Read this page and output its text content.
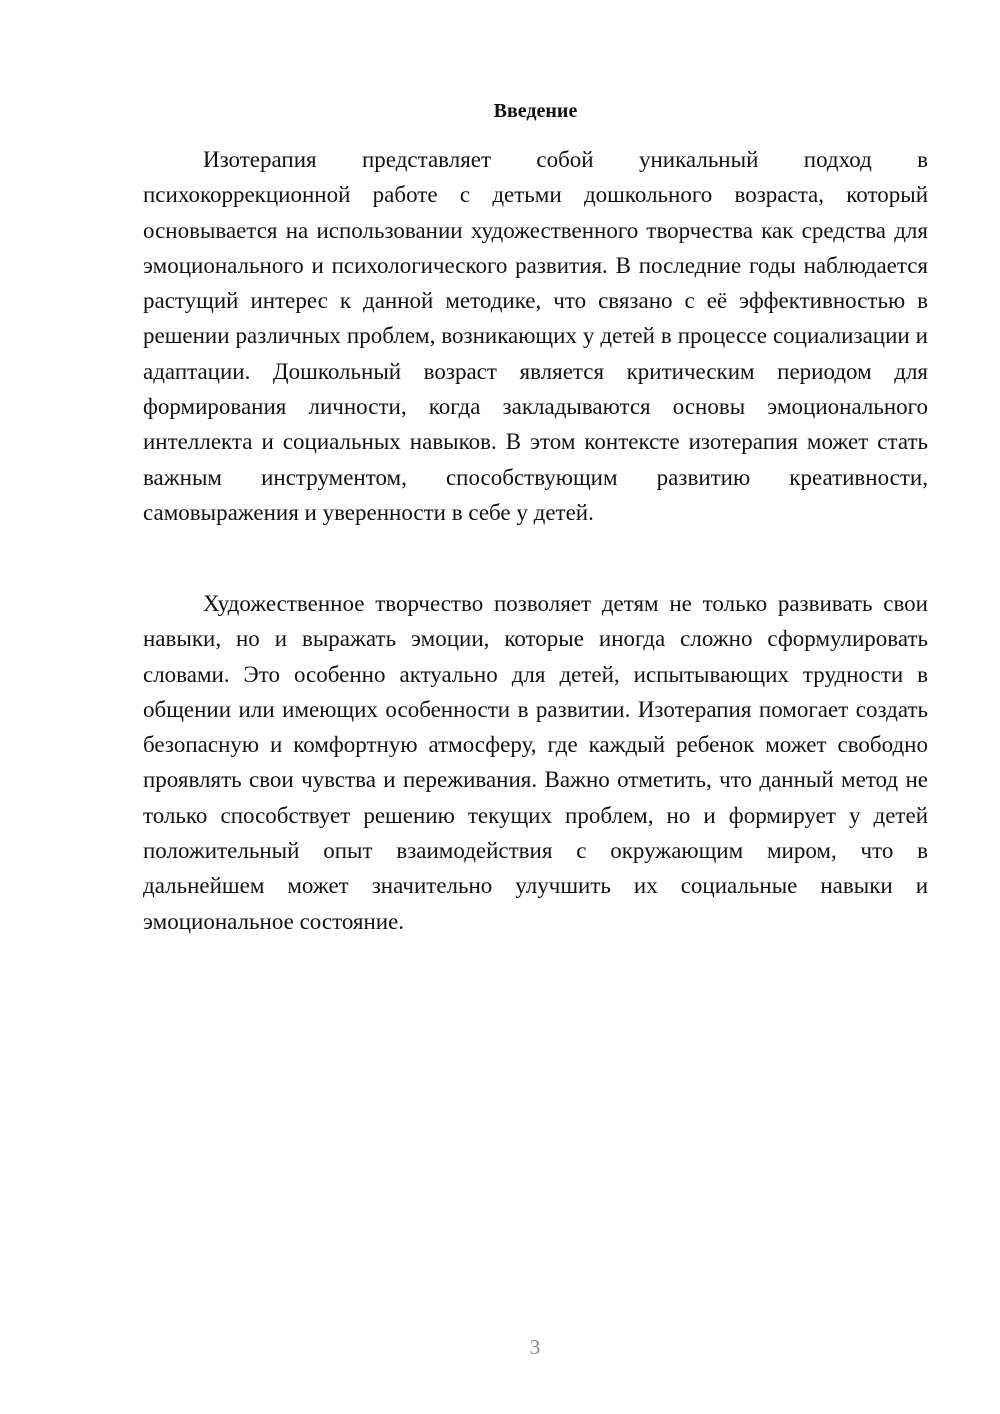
Введение

Изотерапия представляет собой уникальный подход в психокоррекционной работе с детьми дошкольного возраста, который основывается на использовании художественного творчества как средства для эмоционального и психологического развития. В последние годы наблюдается растущий интерес к данной методике, что связано с её эффективностью в решении различных проблем, возникающих у детей в процессе социализации и адаптации. Дошкольный возраст является критическим периодом для формирования личности, когда закладываются основы эмоционального интеллекта и социальных навыков. В этом контексте изотерапия может стать важным инструментом, способствующим развитию креативности, самовыражения и уверенности в себе у детей.

Художественное творчество позволяет детям не только развивать свои навыки, но и выражать эмоции, которые иногда сложно сформулировать словами. Это особенно актуально для детей, испытывающих трудности в общении или имеющих особенности в развитии. Изотерапия помогает создать безопасную и комфортную атмосферу, где каждый ребенок может свободно проявлять свои чувства и переживания. Важно отметить, что данный метод не только способствует решению текущих проблем, но и формирует у детей положительный опыт взаимодействия с окружающим миром, что в дальнейшем может значительно улучшить их социальные навыки и эмоциональное состояние.

3
